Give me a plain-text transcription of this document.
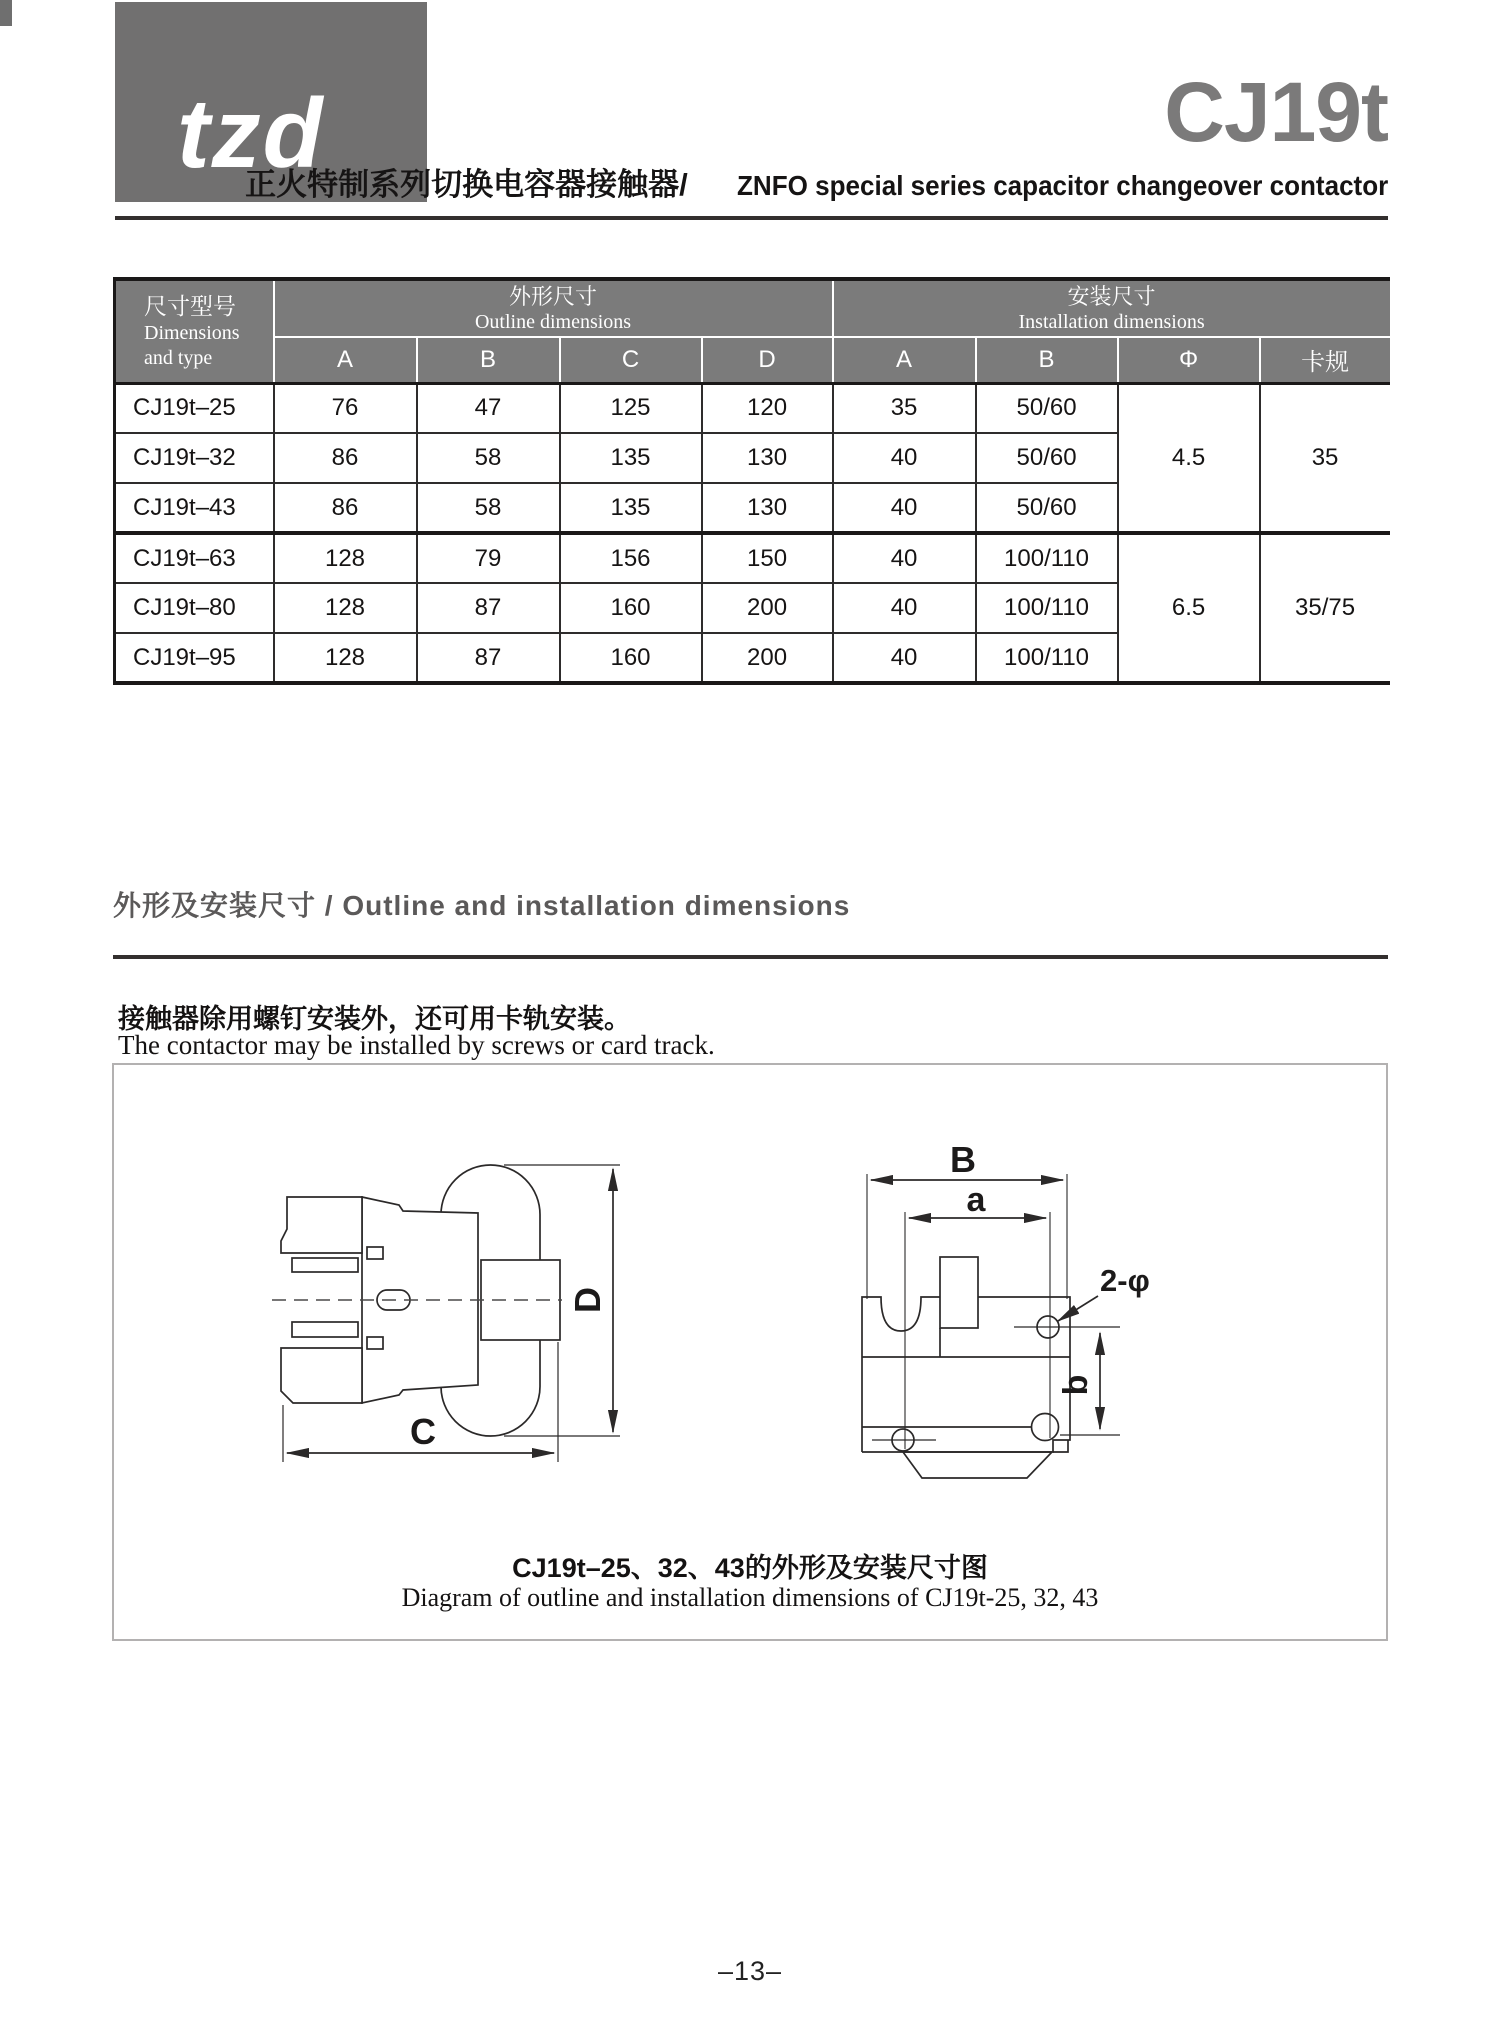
tzd	CJ19t
正火特制系列切换电容器接触器/ ZNFO special series capacitor changeover contactor
尺寸型号
Dimensions and type

外形尺寸
Outline dimensions

安装尺寸
Installation dimensions

	A	B	C	D	A	B	Φ	卡规
CJ19t–25	76	47	125	120	35	50/60	4.5	35
CJ19t–32	86	58	135	130	40	50/60		
CJ19t–43	86	58	135	130	40	50/60		
CJ19t–63	128	79	156	150	40	100/110	6.5	35/75
CJ19t–80	128	87	160	200	40	100/110		
CJ19t–95	128	87	160	200	40	100/110		
外形及安装尺寸 / Outline and installation dimensions
接触器除用螺钉安装外，还可用卡轨安装。
The contactor may be installed by screws or card track.
D
C
B
a
b
2-φ
CJ19t–25、32、43的外形及安装尺寸图
Diagram of outline and installation dimensions of CJ19t-25, 32, 43
–13–
